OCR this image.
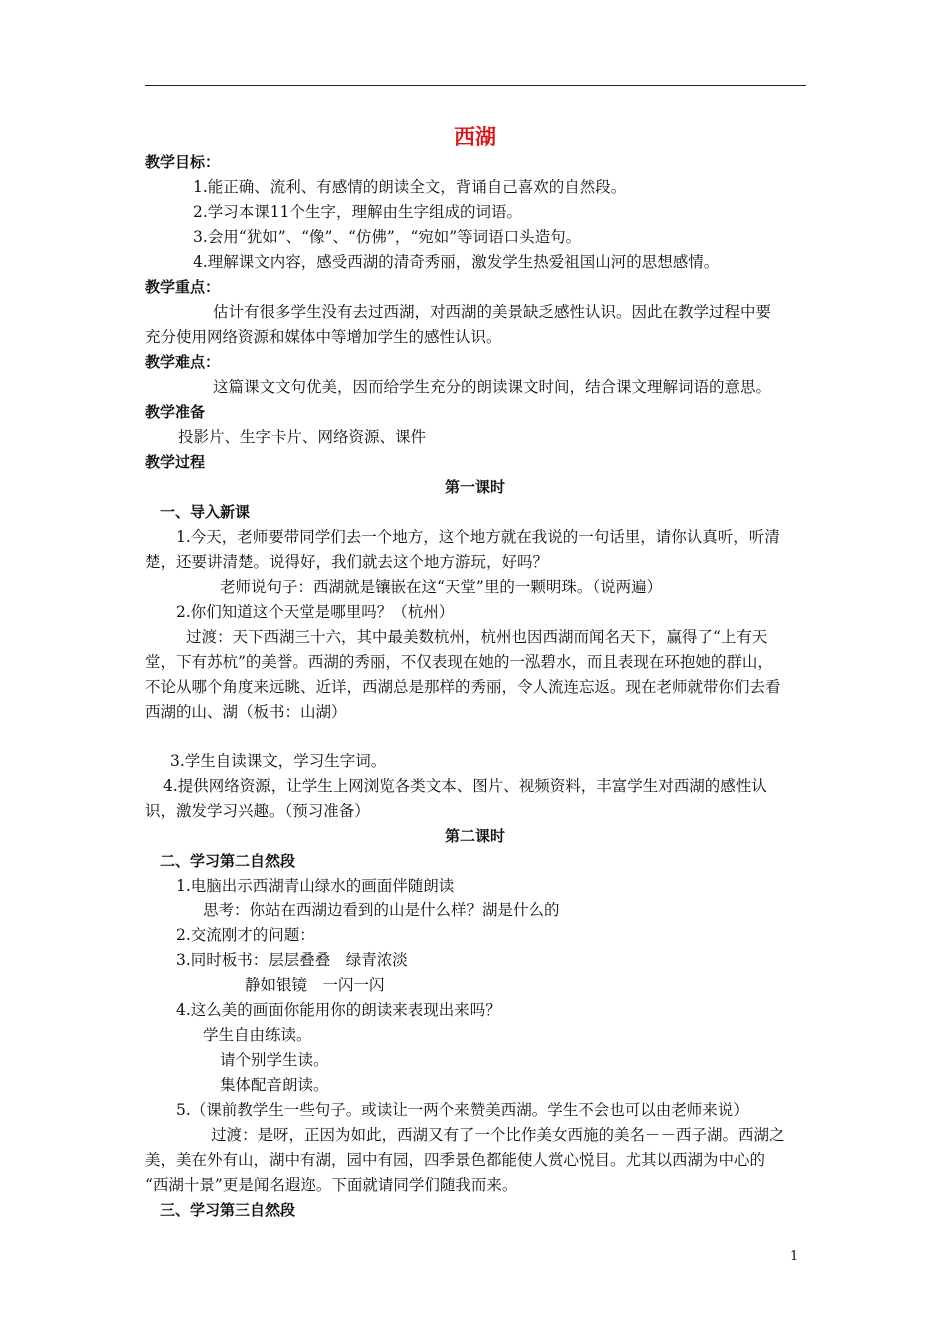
西湖
教学目标：
1.能正确、流利、有感情的朗读全文，背诵自己喜欢的自然段。
2.学习本课11个生字，理解由生字组成的词语。
3.会用“犹如”、“像”、“仿佛”，“宛如”等词语口头造句。
4.理解课文内容，感受西湖的清奇秀丽，激发学生热爱祖国山河的思想感情。
教学重点：
估计有很多学生没有去过西湖，对西湖的美景缺乏感性认识。因此在教学过程中要
充分使用网络资源和媒体中等增加学生的感性认识。
教学难点：
这篇课文文句优美，因而给学生充分的朗读课文时间，结合课文理解词语的意思。
教学准备
投影片、生字卡片、网络资源、课件
教学过程
第一课时
一、导入新课
1.今天，老师要带同学们去一个地方，这个地方就在我说的一句话里，请你认真听，听清
楚，还要讲清楚。说得好，我们就去这个地方游玩，好吗？
老师说句子：西湖就是镶嵌在这“天堂”里的一颗明珠。（说两遍）
2.你们知道这个天堂是哪里吗？（杭州）
过渡：天下西湖三十六，其中最美数杭州，杭州也因西湖而闻名天下，赢得了“上有天
堂，下有苏杭”的美誉。西湖的秀丽，不仅表现在她的一泓碧水，而且表现在环抱她的群山，
不论从哪个角度来远眺、近详，西湖总是那样的秀丽，令人流连忘返。现在老师就带你们去看
西湖的山、湖（板书：山湖）
3.学生自读课文，学习生字词。
4.提供网络资源，让学生上网浏览各类文本、图片、视频资料，丰富学生对西湖的感性认
识，激发学习兴趣。（预习准备）
第二课时
二、学习第二自然段
1.电脑出示西湖青山绿水的画面伴随朗读
思考：你站在西湖边看到的山是什么样？湖是什么的
2.交流刚才的问题：
3.同时板书：层层叠叠　绿青浓淡
静如银镜　一闪一闪
4.这么美的画面你能用你的朗读来表现出来吗？
学生自由练读。
请个别学生读。
集体配音朗读。
5.（课前教学生一些句子。或读让一两个来赞美西湖。学生不会也可以由老师来说）
过渡：是呀，正因为如此，西湖又有了一个比作美女西施的美名－－西子湖。西湖之
美，美在外有山，湖中有湖，园中有园，四季景色都能使人赏心悦目。尤其以西湖为中心的
“西湖十景”更是闻名遐迩。下面就请同学们随我而来。
三、学习第三自然段
1
